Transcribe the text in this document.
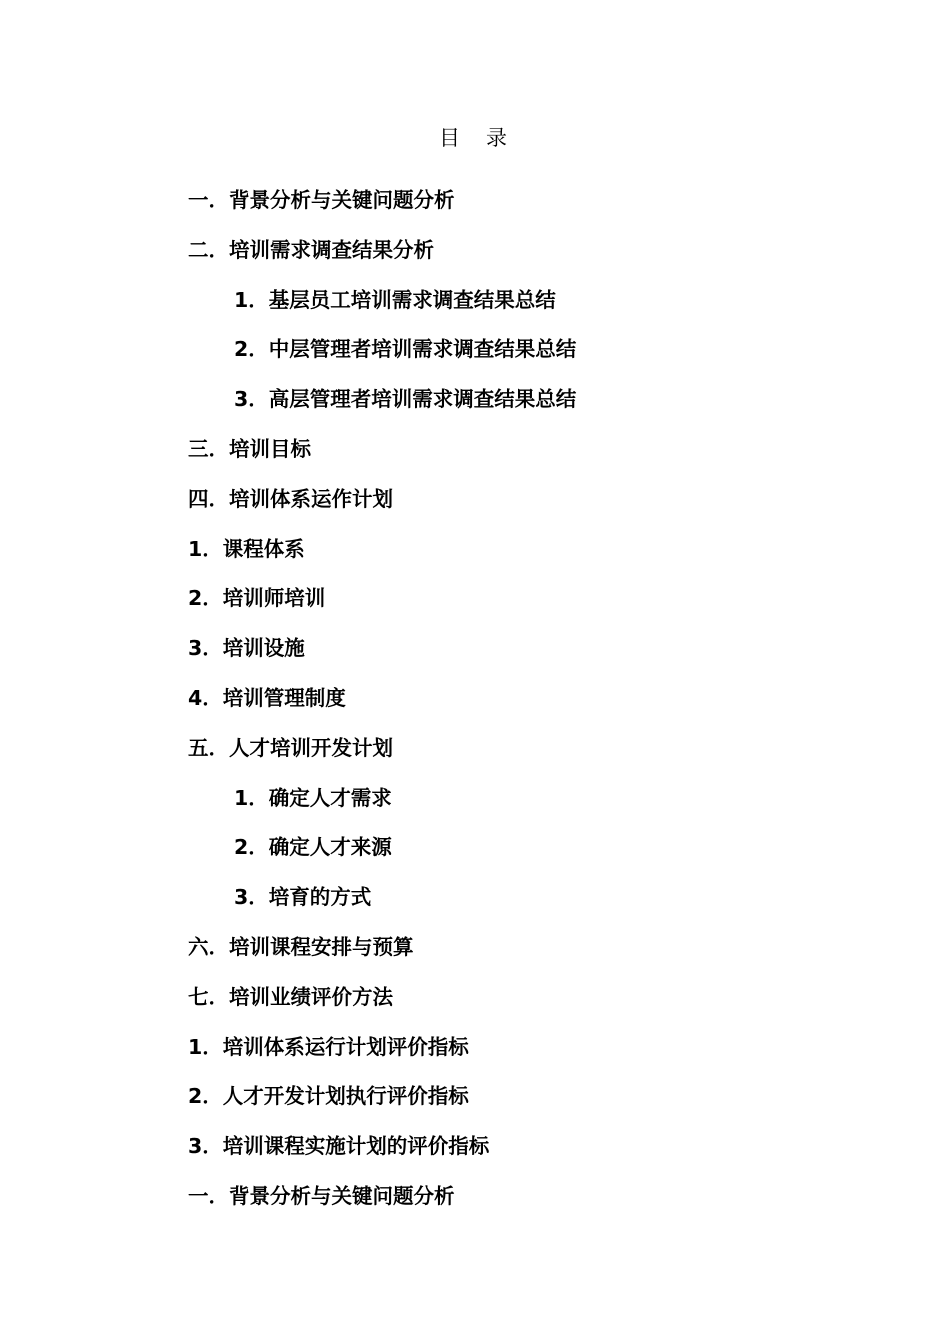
目 录
一．背景分析与关键问题分析
二．培训需求调查结果分析
1．基层员工培训需求调查结果总结
2．中层管理者培训需求调查结果总结
3．高层管理者培训需求调查结果总结
三．培训目标
四．培训体系运作计划
1．课程体系
2．培训师培训
3．培训设施
4．培训管理制度
五．人才培训开发计划
1．确定人才需求
2．确定人才来源
3．培育的方式
六．培训课程安排与预算
七．培训业绩评价方法
1．培训体系运行计划评价指标
2．人才开发计划执行评价指标
3．培训课程实施计划的评价指标
一．背景分析与关键问题分析
